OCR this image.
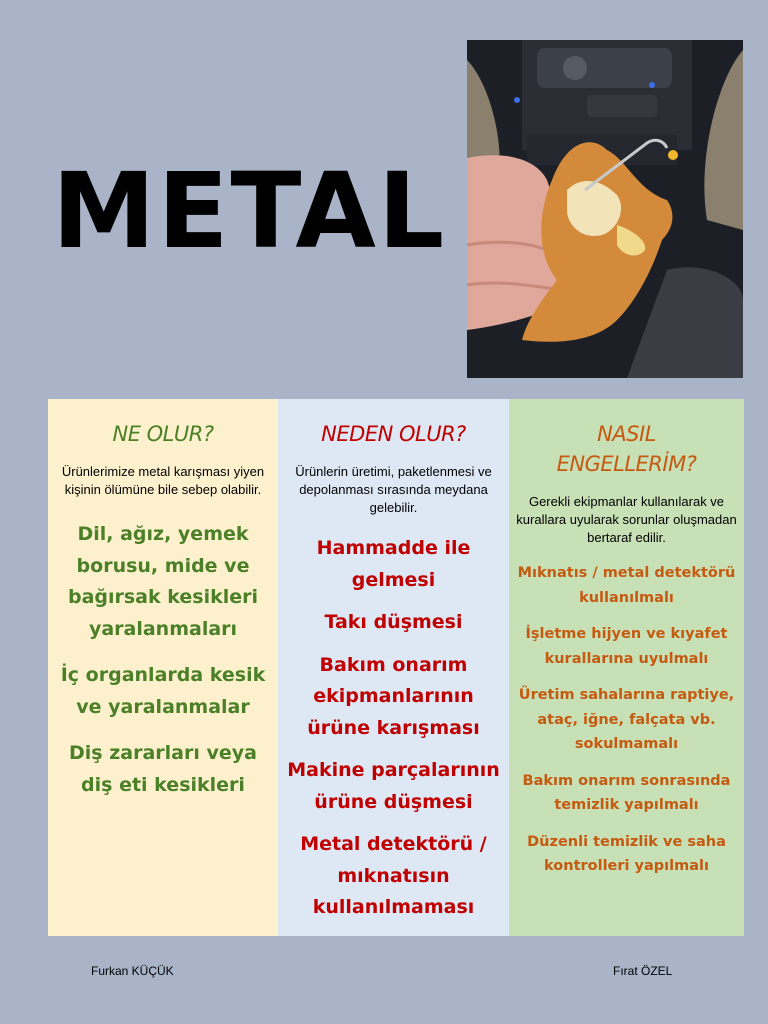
METAL
NE OLUR?
Ürünlerimize metal karışması yiyen kişinin ölümüne bile sebep olabilir.

Dil, ağız, yemek borusu, mide ve bağırsak kesikleri yaralanmaları

İç organlarda kesik ve yaralanmalar

Diş zararları veya diş eti kesikleri

NEDEN OLUR?
Ürünlerin üretimi, paketlenmesi ve depolanması sırasında meydana gelebilir.

Hammadde ile gelmesi

Takı düşmesi

Bakım onarım ekipmanlarının ürüne karışması

Makine parçalarının ürüne düşmesi

Metal detektörü / mıknatısın kullanılmaması

NASIL ENGELLERİM?
Gerekli ekipmanlar kullanılarak ve kurallara uyularak sorunlar oluşmadan bertaraf edilir.

Mıknatıs / metal detektörü kullanılmalı

İşletme hijyen ve kıyafet kurallarına uyulmalı

Üretim sahalarına raptiye, ataç, iğne, falçata vb. sokulmamalı

Bakım onarım sonrasında temizlik yapılmalı

Düzenli temizlik ve saha kontrolleri yapılmalı

Furkan KÜÇÜK	Fırat ÖZEL
